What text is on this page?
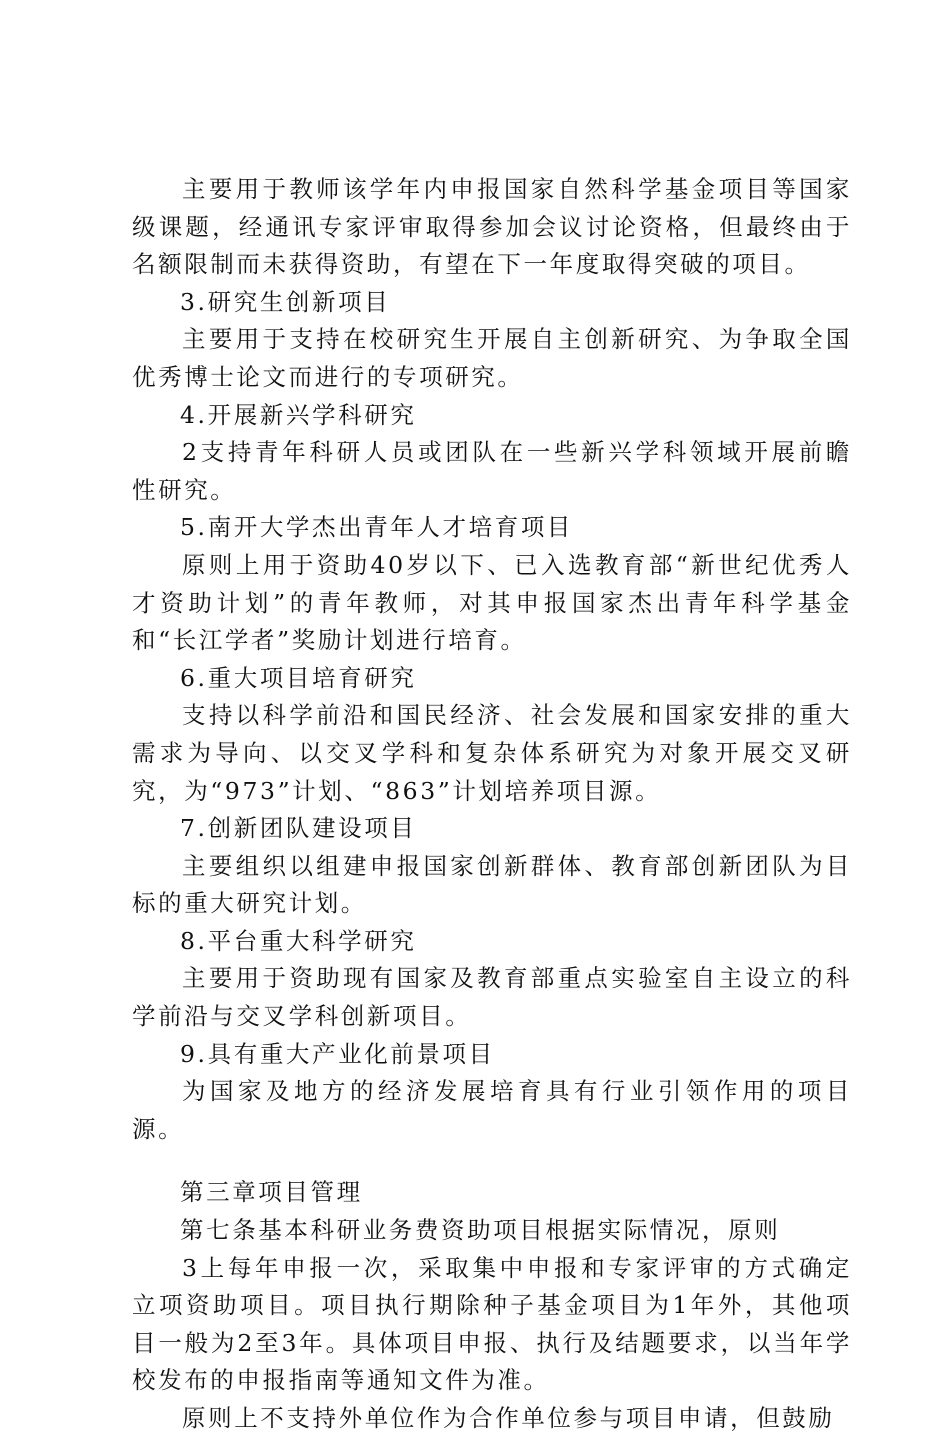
主要用于教师该学年内申报国家自然科学基金项目等国家级课题，经通讯专家评审取得参加会议讨论资格，但最终由于名额限制而未获得资助，有望在下一年度取得突破的项目。

3.研究生创新项目

主要用于支持在校研究生开展自主创新研究、为争取全国优秀博士论文而进行的专项研究。

4.开展新兴学科研究

2支持青年科研人员或团队在一些新兴学科领域开展前瞻性研究。

5.南开大学杰出青年人才培育项目

原则上用于资助40岁以下、已入选教育部“新世纪优秀人才资助计划”的青年教师，对其申报国家杰出青年科学基金和“长江学者”奖励计划进行培育。

6.重大项目培育研究

支持以科学前沿和国民经济、社会发展和国家安排的重大需求为导向、以交叉学科和复杂体系研究为对象开展交叉研究，为“973”计划、“863”计划培养项目源。

7.创新团队建设项目

主要组织以组建申报国家创新群体、教育部创新团队为目标的重大研究计划。

8.平台重大科学研究

主要用于资助现有国家及教育部重点实验室自主设立的科学前沿与交叉学科创新项目。

9.具有重大产业化前景项目

为国家及地方的经济发展培育具有行业引领作用的项目源。

第三章项目管理

第七条基本科研业务费资助项目根据实际情况，原则

3上每年申报一次，采取集中申报和专家评审的方式确定立项资助项目。项目执行期除种子基金项目为1年外，其他项目一般为2至3年。具体项目申报、执行及结题要求，以当年学校发布的申报指南等通知文件为准。

原则上不支持外单位作为合作单位参与项目申请，但鼓励
